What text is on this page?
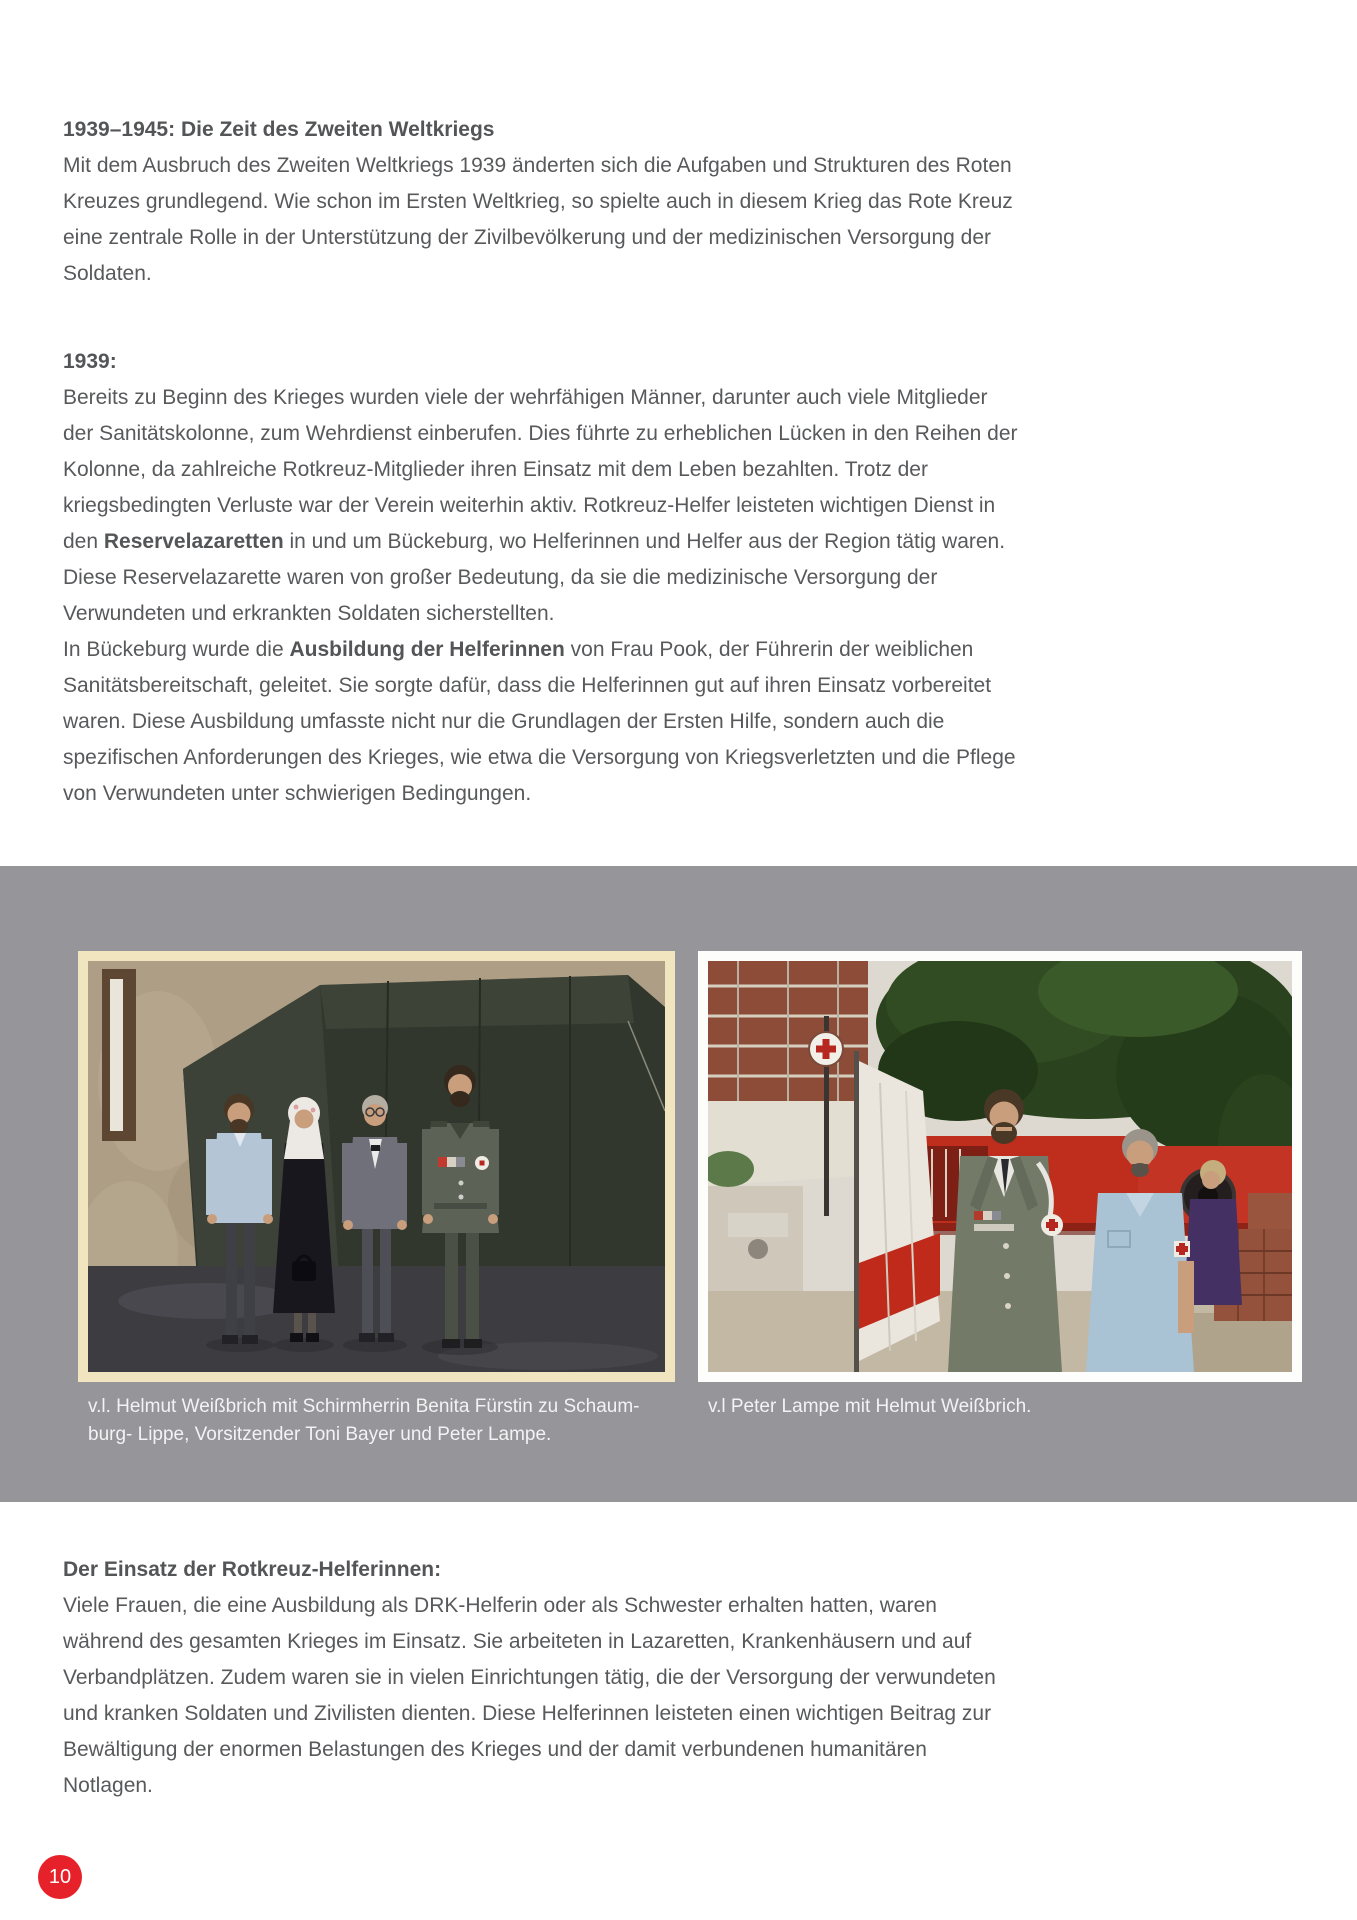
1939–1945: Die Zeit des Zweiten Weltkriegs

Mit dem Ausbruch des Zweiten Weltkriegs 1939 änderten sich die Aufgaben und Strukturen des Roten Kreuzes grundlegend. Wie schon im Ersten Weltkrieg, so spielte auch in diesem Krieg das Rote Kreuz eine zentrale Rolle in der Unterstützung der Zivilbevölkerung und der medizinischen Versorgung der Soldaten.

1939:

Bereits zu Beginn des Krieges wurden viele der wehrfähigen Männer, darunter auch viele Mitglieder der Sanitätskolonne, zum Wehrdienst einberufen. Dies führte zu erheblichen Lücken in den Reihen der Kolonne, da zahlreiche Rotkreuz-Mitglieder ihren Einsatz mit dem Leben bezahlten. Trotz der kriegsbedingten Verluste war der Verein weiterhin aktiv. Rotkreuz-Helfer leisteten wichtigen Dienst in den Reservelazaretten in und um Bückeburg, wo Helferinnen und Helfer aus der Region tätig waren. Diese Reservelazarette waren von großer Bedeutung, da sie die medizinische Versorgung der Verwundeten und erkrankten Soldaten sicherstellten.

In Bückeburg wurde die Ausbildung der Helferinnen von Frau Pook, der Führerin der weiblichen Sanitätsbereitschaft, geleitet. Sie sorgte dafür, dass die Helferinnen gut auf ihren Einsatz vorbereitet waren. Diese Ausbildung umfasste nicht nur die Grundlagen der Ersten Hilfe, sondern auch die spezifischen Anforderungen des Krieges, wie etwa die Versorgung von Kriegsverletzten und die Pflege von Verwundeten unter schwierigen Bedingungen.

v.l. Helmut Weißbrich mit Schirmherrin Benita Fürstin zu Schaum-
burg- Lippe, Vorsitzender Toni Bayer und Peter Lampe.
v.l Peter Lampe mit Helmut Weißbrich.
Der Einsatz der Rotkreuz-Helferinnen:

Viele Frauen, die eine Ausbildung als DRK-Helferin oder als Schwester erhalten hatten, waren während des gesamten Krieges im Einsatz. Sie arbeiteten in Lazaretten, Krankenhäusern und auf Verbandplätzen. Zudem waren sie in vielen Einrichtungen tätig, die der Versorgung der verwundeten und kranken Soldaten und Zivilisten dienten. Diese Helferinnen leisteten einen wichtigen Beitrag zur Bewältigung der enormen Belastungen des Krieges und der damit verbundenen humanitären Notlagen.

10
